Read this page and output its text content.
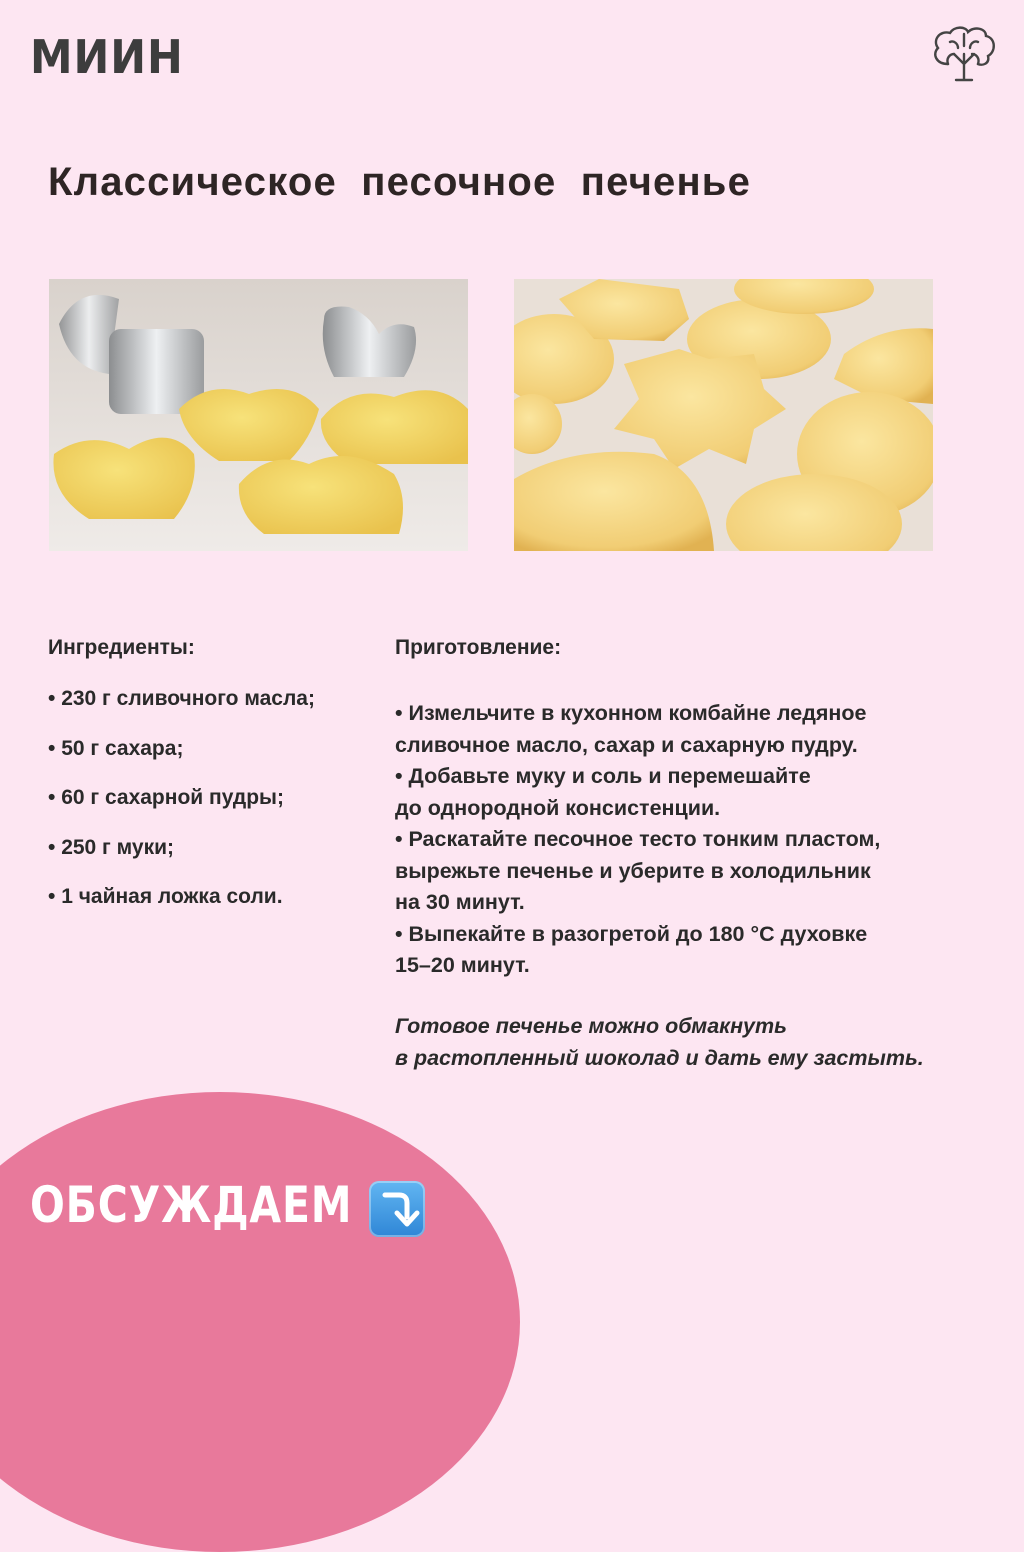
МИИН
Классическое песочное печенье
Ингредиенты:
• 230 г сливочного масла;
• 50 г сахара;
• 60 г сахарной пудры;
• 250 г муки;
• 1 чайная ложка соли.
Приготовление:
• Измельчите в кухонном комбайне ледяное
сливочное масло, сахар и сахарную пудру.
• Добавьте муку и соль и перемешайте
до однородной консистенции.
• Раскатайте песочное тесто тонким пластом,
вырежьте печенье и уберите в холодильник
на 30 минут.
• Выпекайте в разогретой до 180 °C духовке
15–20 минут.
Готовое печенье можно обмакнуть
в растопленный шоколад и дать ему застыть.
ОБСУЖДАЕМ
